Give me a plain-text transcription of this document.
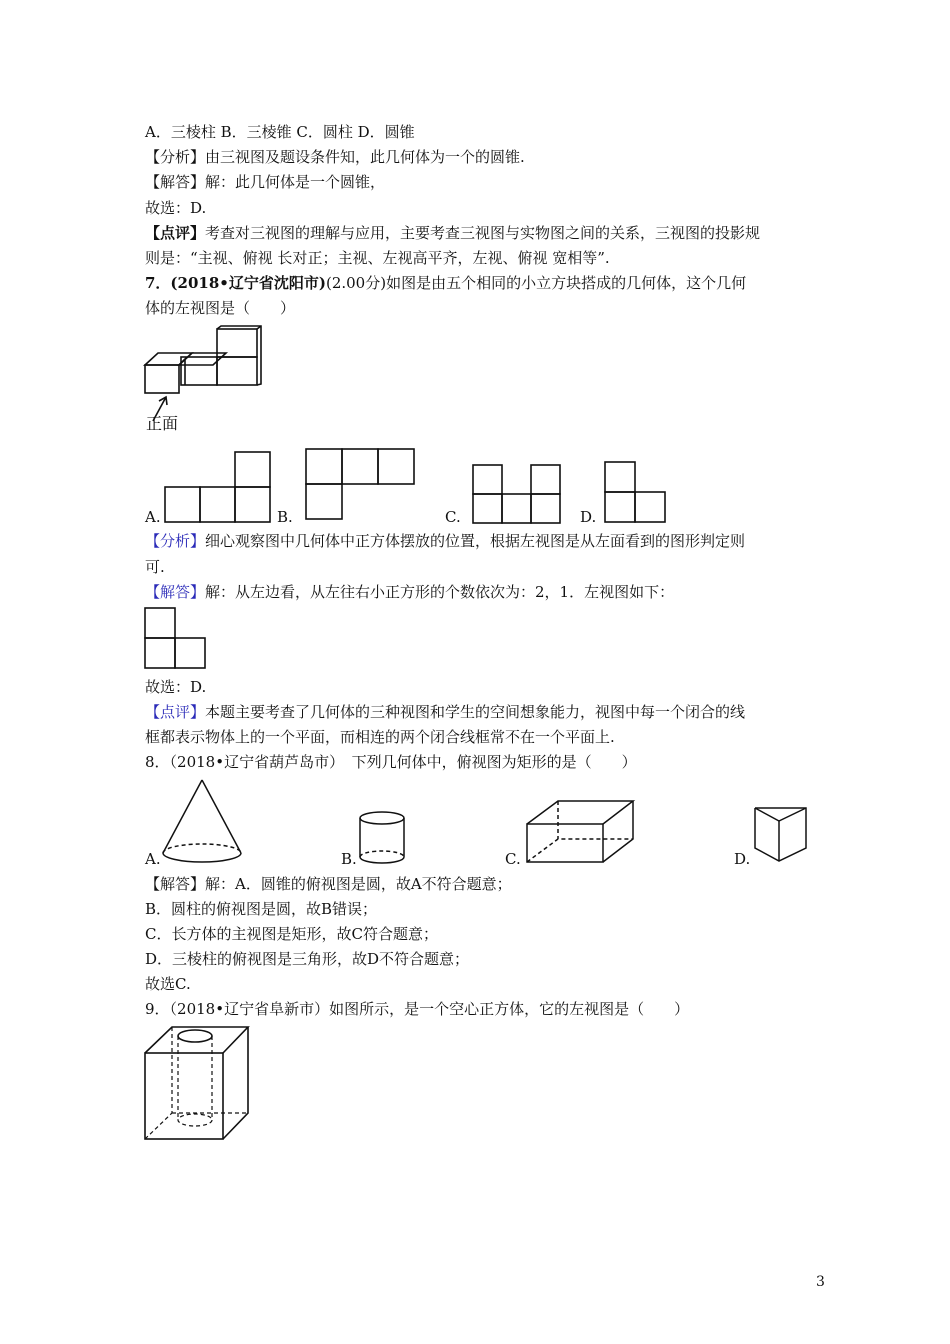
A．三棱柱 B．三棱锥 C．圆柱 D．圆锥
【分析】由三视图及题设条件知，此几何体为一个的圆锥.
【解答】解：此几何体是一个圆锥，
故选：D.
【点评】考查对三视图的理解与应用，主要考查三视图与实物图之间的关系，三视图的投影规
则是：“主视、俯视 长对正；主视、左视高平齐，左视、俯视 宽相等”.
7．(2018•辽宁省沈阳市)(2.00分)如图是由五个相同的小立方块搭成的几何体，这个几何
体的左视图是（　　）
正面
A.	B.	C.	D.
【分析】细心观察图中几何体中正方体摆放的位置，根据左视图是从左面看到的图形判定则
可.
【解答】解：从左边看，从左往右小正方形的个数依次为：2，1．左视图如下：
故选：D.
【点评】本题主要考查了几何体的三种视图和学生的空间想象能力，视图中每一个闭合的线
框都表示物体上的一个平面，而相连的两个闭合线框常不在一个平面上.
8．（2018•辽宁省葫芦岛市）　下列几何体中，俯视图为矩形的是（　　）
A.	B.	C.	D.
【解答】解：A．圆锥的俯视图是圆，故A不符合题意；
B．圆柱的俯视图是圆，故B错误；
C．长方体的主视图是矩形，故C符合题意；
D．三棱柱的俯视图是三角形，故D不符合题意；
故选C.
9．（2018•辽宁省阜新市）如图所示，是一个空心正方体，它的左视图是（　　）
3
